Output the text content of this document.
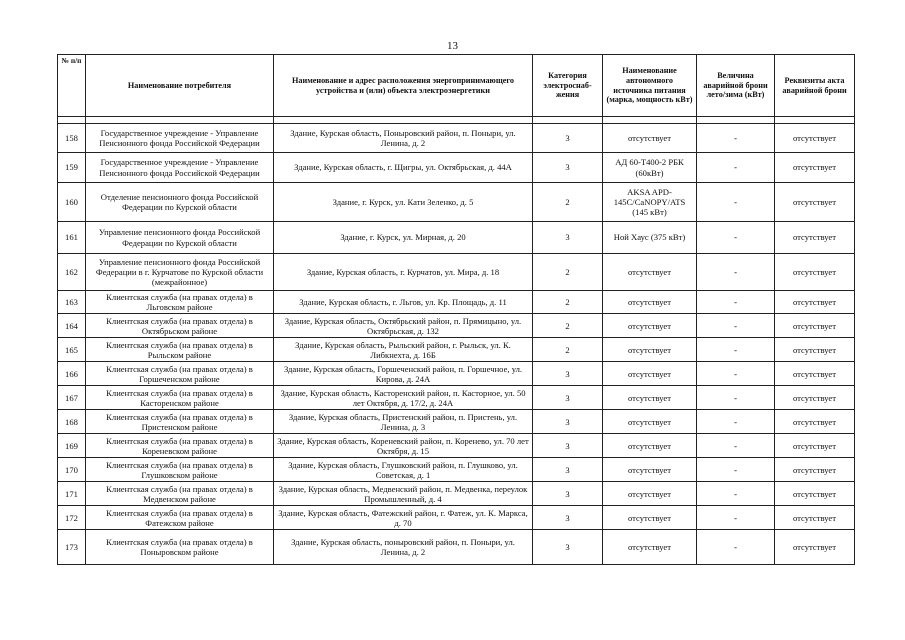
13
№ п/п	Наименование потребителя	Наименование и адрес расположения энергопринимающего устройства и (или) объекта электроэнергетики	Категория электроснаб-жения	Наименование автономного источника питания (марка, мощность кВт)	Величина аварийной брони лето/зима (кВт)	Реквизиты акта аварийной брони

158	Государственное учреждение - Управление Пенсионного фонда Российской Федерации	Здание, Курская область, Поныровский район, п. Поныри, ул. Ленина, д. 2	3	отсутствует	-	отсутствует
159	Государственное учреждение - Управление Пенсионного фонда Российской Федерации	Здание, Курская область, г. Щигры, ул. Октябрьская, д. 44А	3	АД 60-Т400-2 РБК (60кВт)	-	отсутствует
160	Отделение пенсионного фонда Российской Федерации по Курской области	Здание, г. Курск, ул. Кати Зеленко, д. 5	2	AKSA APD-145C/CaNOPY/ATS (145 кВт)	-	отсутствует
161	Управление пенсионного фонда Российской Федерации по Курской области	Здание, г. Курск, ул. Мирная, д. 20	3	Ной Хаус (375 кВт)	-	отсутствует
162	Управление пенсионного фонда Российской Федерации в г. Курчатове по Курской области (межрайонное)	Здание, Курская область, г. Курчатов, ул. Мира, д. 18	2	отсутствует	-	отсутствует
163	Клиентская служба (на правах отдела) в Льговском районе	Здание, Курская область, г. Льгов, ул. Кр. Площадь, д. 11	2	отсутствует	-	отсутствует
164	Клиентская служба (на правах отдела) в Октябрьском районе	Здание, Курская область, Октябрьский район, п. Прямицыно, ул. Октябрьская, д. 132	2	отсутствует	-	отсутствует
165	Клиентская служба (на правах отдела) в Рыльском районе	Здание, Курская область, Рыльский район, г. Рыльск, ул. К. Либкнехта, д. 16Б	2	отсутствует	-	отсутствует
166	Клиентская служба (на правах отдела) в Горшеченском районе	Здание, Курская область, Горшеченский район, п. Горшечное, ул. Кирова, д. 24А	3	отсутствует	-	отсутствует
167	Клиентская служба (на правах отдела) в Касторенском районе	Здание, Курская область, Касторенский район, п. Касторное, ул. 50 лет Октября, д. 17/2, д. 24А	3	отсутствует	-	отсутствует
168	Клиентская служба (на правах отдела) в Пристенском районе	Здание, Курская область, Пристенский район, п. Пристень, ул. Ленина, д. 3	3	отсутствует	-	отсутствует
169	Клиентская служба (на правах отдела) в Кореневском районе	Здание, Курская область, Кореневский район, п. Коренево, ул. 70 лет Октября, д. 15	3	отсутствует	-	отсутствует
170	Клиентская служба (на правах отдела) в Глушковском районе	Здание, Курская область, Глушковский район, п. Глушково, ул. Советская, д. 1	3	отсутствует	-	отсутствует
171	Клиентская служба (на правах отдела) в Медвенском районе	Здание, Курская область, Медвенский район, п. Медвенка, переулок Промышленный, д. 4	3	отсутствует	-	отсутствует
172	Клиентская служба (на правах отдела) в Фатежском районе	Здание, Курская область, Фатежский район, г. Фатеж, ул. К. Маркса, д. 70	3	отсутствует	-	отсутствует
173	Клиентская служба (на правах отдела) в Поныровском районе	Здание, Курская область, поныровский район, п. Поныри, ул. Ленина, д. 2	3	отсутствует	-	отсутствует
